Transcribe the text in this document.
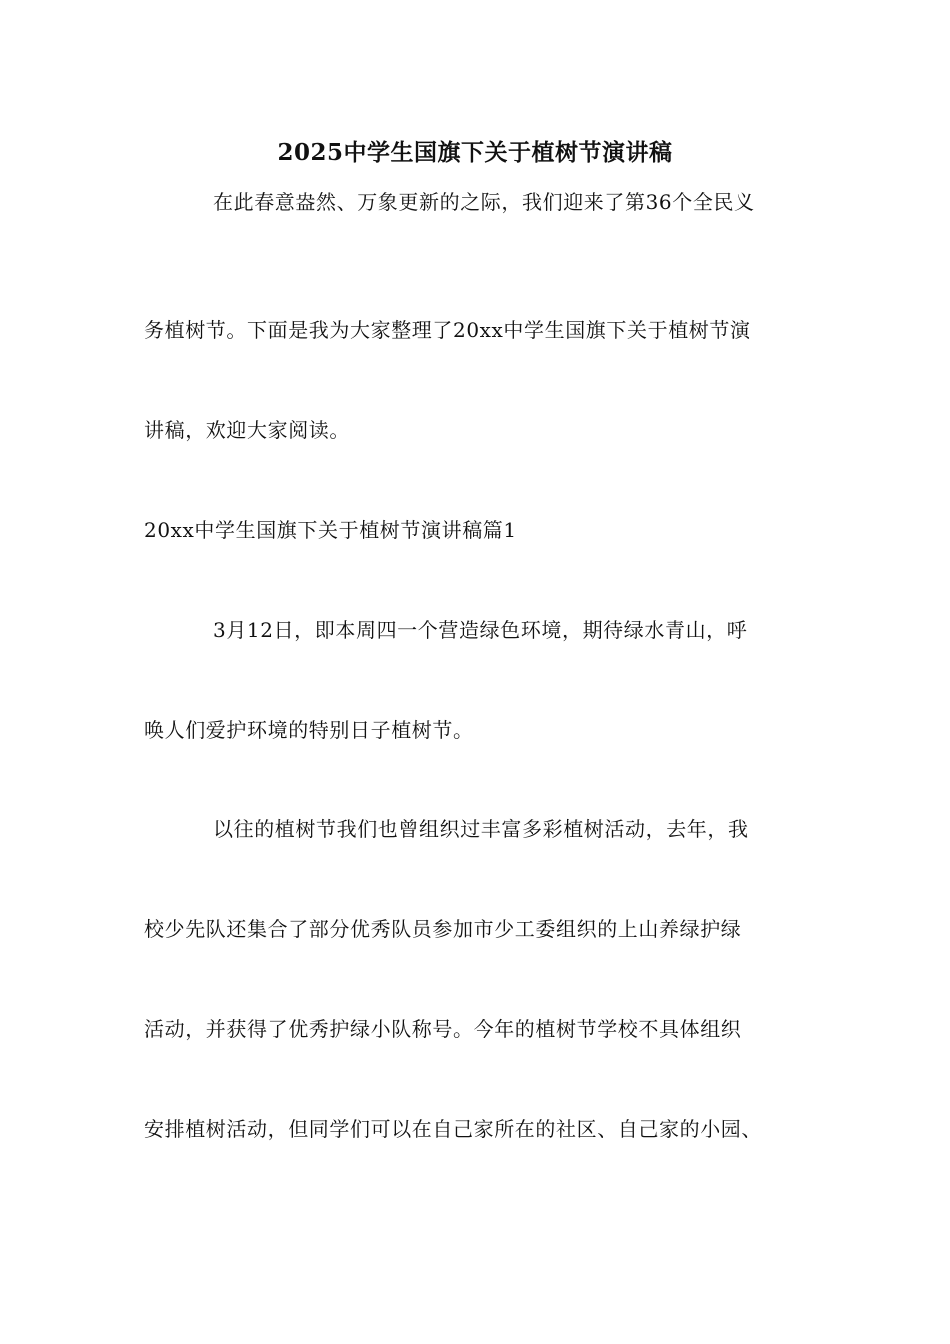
2025中学生国旗下关于植树节演讲稿
在此春意盎然、万象更新的之际，我们迎来了第36个全民义
务植树节。下面是我为大家整理了20xx中学生国旗下关于植树节演
讲稿，欢迎大家阅读。
20xx中学生国旗下关于植树节演讲稿篇1
3月12日，即本周四一个营造绿色环境，期待绿水青山，呼
唤人们爱护环境的特别日子植树节。
以往的植树节我们也曾组织过丰富多彩植树活动，去年，我
校少先队还集合了部分优秀队员参加市少工委组织的上山养绿护绿
活动，并获得了优秀护绿小队称号。今年的植树节学校不具体组织
安排植树活动，但同学们可以在自己家所在的社区、自己家的小园、
